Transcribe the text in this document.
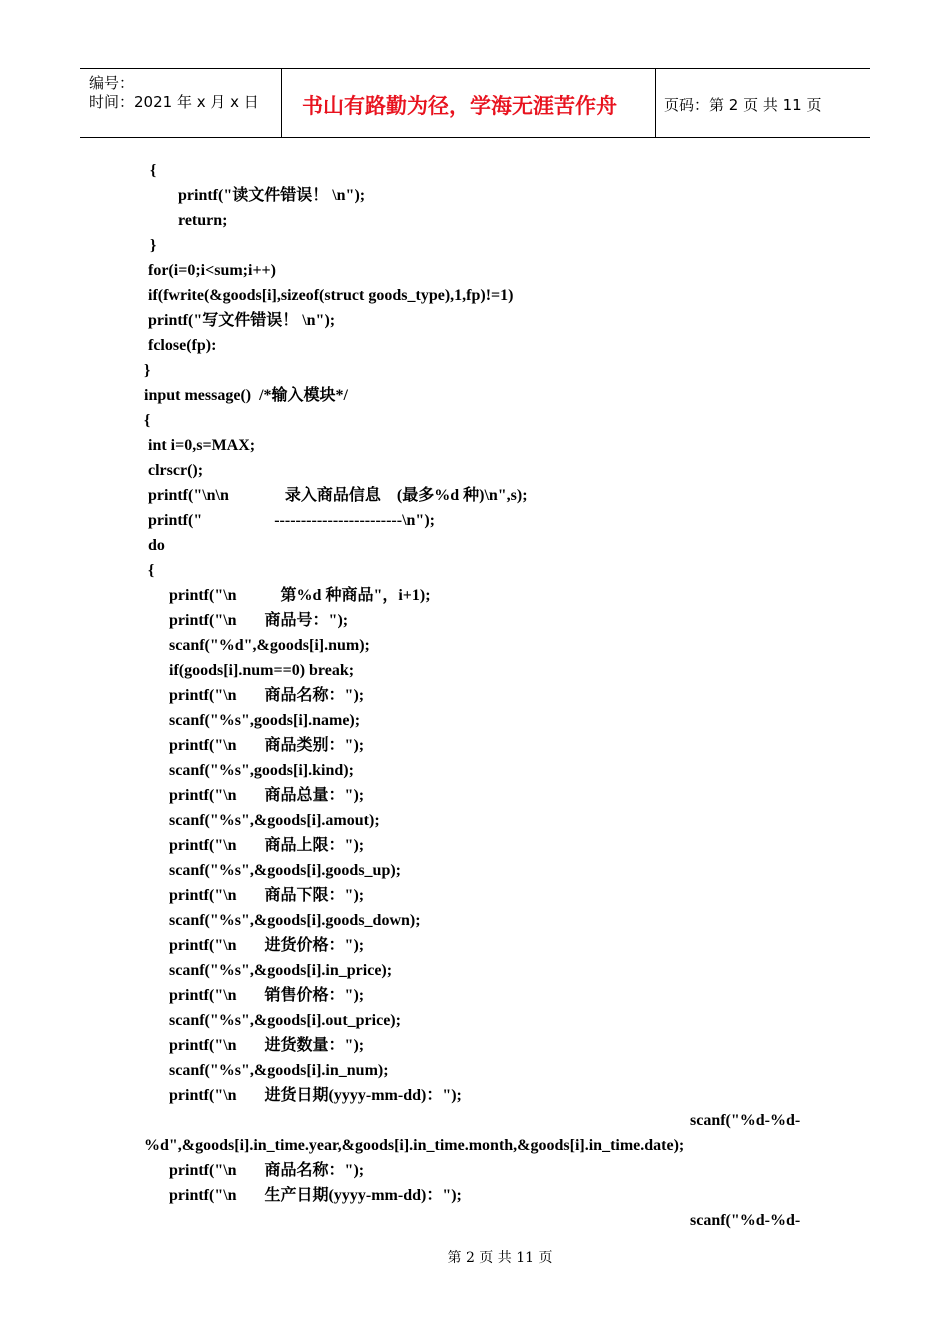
编号：
时间：2021 年 x 月 x 日 书山有路勤为径，学海无涯苦作舟	页码：第 2 页 共 11 页
{
printf("读文件错误！ \n");
return;
}
for(i=0;i<sum;i++)
if(fwrite(&goods[i],sizeof(struct goods_type),1,fp)!=1)
printf("写文件错误！ \n");
fclose(fp):
}
input message()  /*输入模块*/
{
int i=0,s=MAX;
clrscr();
printf("\n\n              录入商品信息    (最多%d 种)\n",s);
printf("                  ------------------------\n");
do
{
printf("\n           第%d 种商品"，i+1);
printf("\n       商品号：");
scanf("%d",&goods[i].num);
if(goods[i].num==0) break;
printf("\n       商品名称：");
scanf("%s",goods[i].name);
printf("\n       商品类别：");
scanf("%s",goods[i].kind);
printf("\n       商品总量：");
scanf("%s",&goods[i].amout);
printf("\n       商品上限：");
scanf("%s",&goods[i].goods_up);
printf("\n       商品下限：");
scanf("%s",&goods[i].goods_down);
printf("\n       进货价格：");
scanf("%s",&goods[i].in_price);
printf("\n       销售价格：");
scanf("%s",&goods[i].out_price);
printf("\n       进货数量：");
scanf("%s",&goods[i].in_num);
printf("\n       进货日期(yyyy-mm-dd)：");
scanf("%d-%d-
%d",&goods[i].in_time.year,&goods[i].in_time.month,&goods[i].in_time.date);
printf("\n       商品名称：");
printf("\n       生产日期(yyyy-mm-dd)：");
scanf("%d-%d-
第 2 页 共 11 页
